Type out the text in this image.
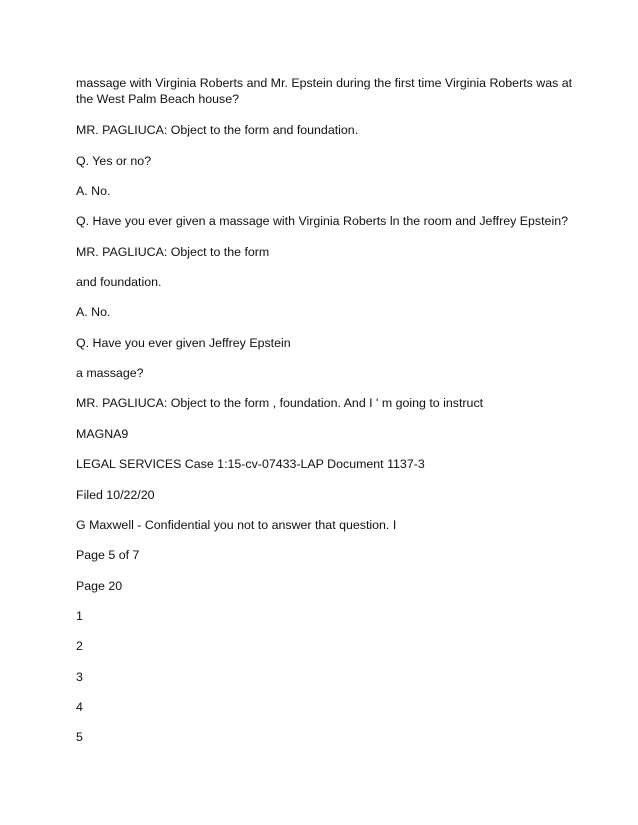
massage with Virginia Roberts and Mr. Epstein during the first time Virginia Roberts was at the West Palm Beach house?
MR. PAGLIUCA: Object to the form and foundation.
Q. Yes or no?
A. No.
Q. Have you ever given a massage with Virginia Roberts ln the room and Jeffrey Epstein?
MR. PAGLIUCA: Object to the form
and foundation.
A. No.
Q. Have you ever given Jeffrey Epstein
a massage?
MR. PAGLIUCA: Object to the form , foundation. And I ' m going to instruct
MAGNA9
LEGAL SERVICES Case 1:15-cv-07433-LAP Document 1137-3
Filed 10/22/20
G Maxwell - Confidential you not to answer that question. I
Page 5 of 7
Page 20
1
2
3
4
5
